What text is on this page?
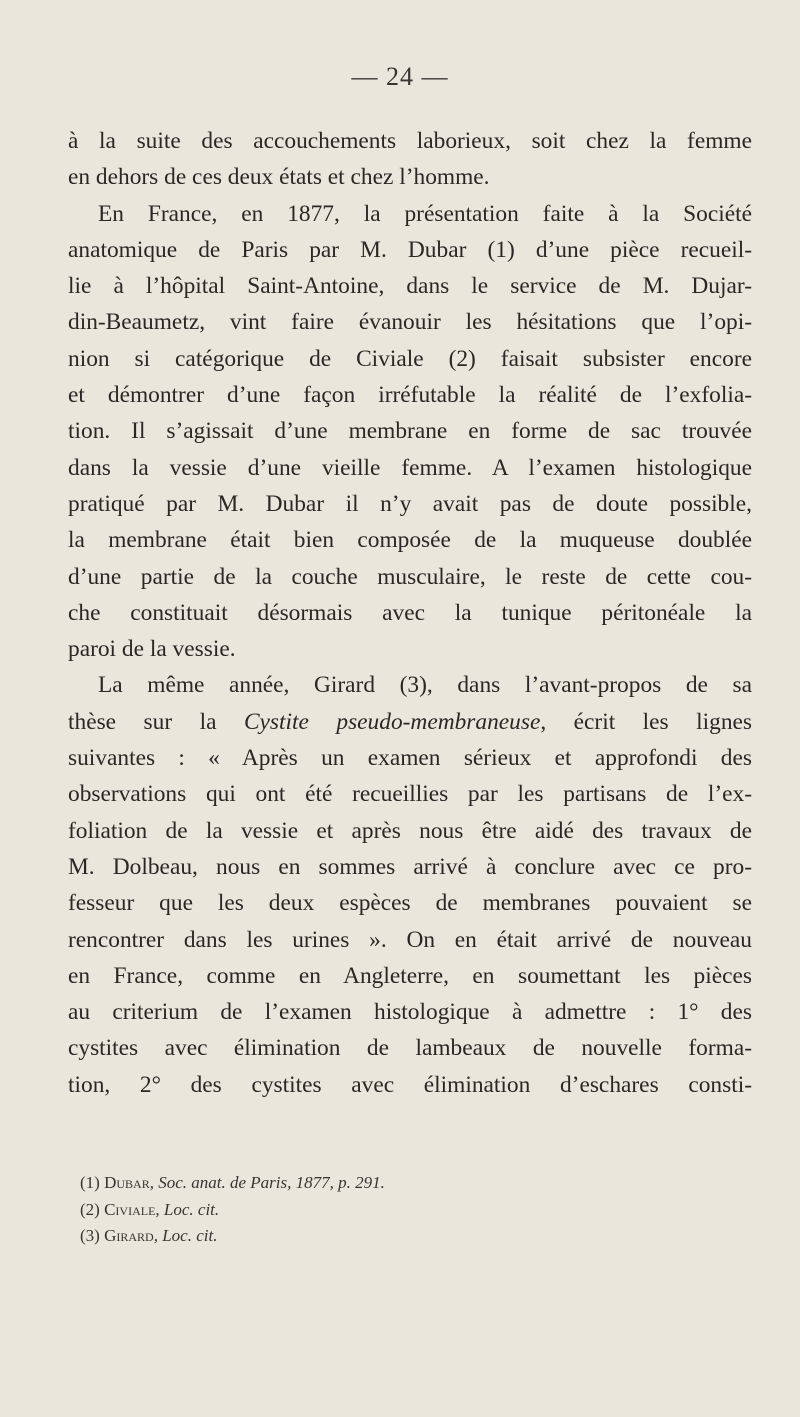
— 24 —
à la suite des accouchements laborieux, soit chez la femme
en dehors de ces deux états et chez l’homme.
En France, en 1877, la présentation faite à la Société
anatomique de Paris par M. Dubar (1) d’une pièce recueil-
lie à l’hôpital Saint-Antoine, dans le service de M. Dujar-
din-Beaumetz, vint faire évanouir les hésitations que l’opi-
nion si catégorique de Civiale (2) faisait subsister encore
et démontrer d’une façon irréfutable la réalité de l’exfolia-
tion. Il s’agissait d’une membrane en forme de sac trouvée
dans la vessie d’une vieille femme. A l’examen histologique
pratiqué par M. Dubar il n’y avait pas de doute possible,
la membrane était bien composée de la muqueuse doublée
d’une partie de la couche musculaire, le reste de cette cou-
che constituait désormais avec la tunique péritonéale la
paroi de la vessie.
La même année, Girard (3), dans l’avant-propos de sa
thèse sur la Cystite pseudo-membraneuse, écrit les lignes
suivantes : « Après un examen sérieux et approfondi des
observations qui ont été recueillies par les partisans de l’ex-
foliation de la vessie et après nous être aidé des travaux de
M. Dolbeau, nous en sommes arrivé à conclure avec ce pro-
fesseur que les deux espèces de membranes pouvaient se
rencontrer dans les urines ». On en était arrivé de nouveau
en France, comme en Angleterre, en soumettant les pièces
au criterium de l’examen histologique à admettre : 1° des
cystites avec élimination de lambeaux de nouvelle forma-
tion, 2° des cystites avec élimination d’eschares consti-
(1) Dubar, Soc. anat. de Paris, 1877, p. 291.
(2) Civiale, Loc. cit.
(3) Girard, Loc. cit.
